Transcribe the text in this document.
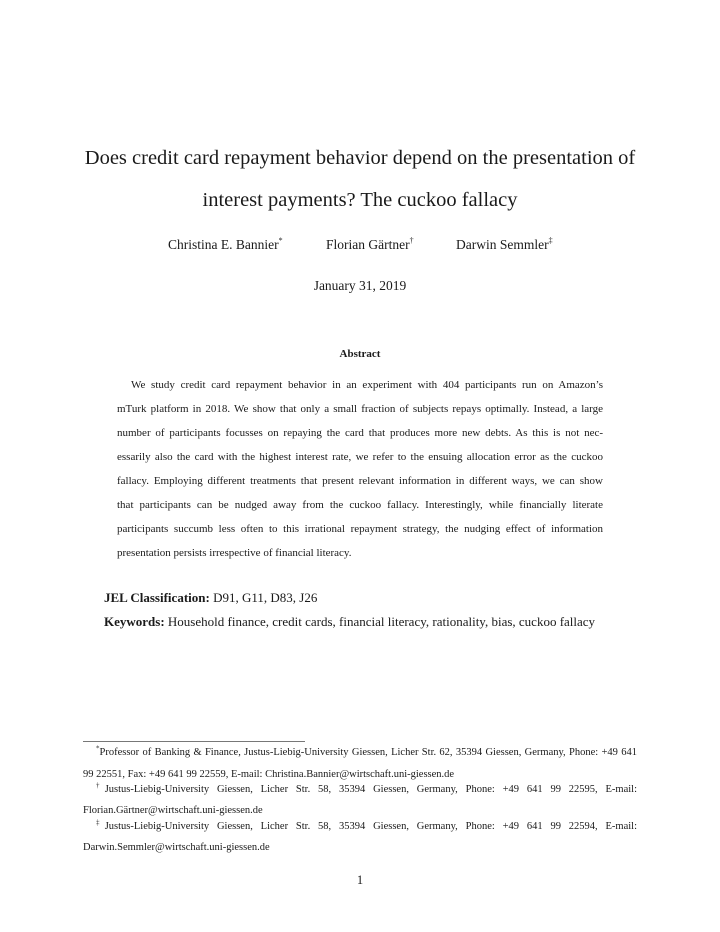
Does credit card repayment behavior depend on the presentation of
interest payments? The cuckoo fallacy
Christina E. Bannier*	Florian Gärtner†	Darwin Semmler‡
January 31, 2019
Abstract
We study credit card repayment behavior in an experiment with 404 participants run on Amazon’s
mTurk platform in 2018. We show that only a small fraction of subjects repays optimally. Instead, a large
number of participants focusses on repaying the card that produces more new debts. As this is not nec-
essarily also the card with the highest interest rate, we refer to the ensuing allocation error as the cuckoo
fallacy. Employing different treatments that present relevant information in different ways, we can show
that participants can be nudged away from the cuckoo fallacy. Interestingly, while financially literate
participants succumb less often to this irrational repayment strategy, the nudging effect of information
presentation persists irrespective of financial literacy.
JEL Classification: D91, G11, D83, J26
Keywords: Household finance, credit cards, financial literacy, rationality, bias, cuckoo fallacy
*Professor of Banking & Finance, Justus-Liebig-University Giessen, Licher Str. 62, 35394 Giessen, Germany, Phone: +49 641
99 22551, Fax: +49 641 99 22559, E-mail: Christina.Bannier@wirtschaft.uni-giessen.de
†Justus-Liebig-University Giessen, Licher Str. 58, 35394 Giessen, Germany, Phone: +49 641 99 22595, E-mail:
Florian.Gärtner@wirtschaft.uni-giessen.de
‡Justus-Liebig-University Giessen, Licher Str. 58, 35394 Giessen, Germany, Phone: +49 641 99 22594, E-mail:
Darwin.Semmler@wirtschaft.uni-giessen.de
1
